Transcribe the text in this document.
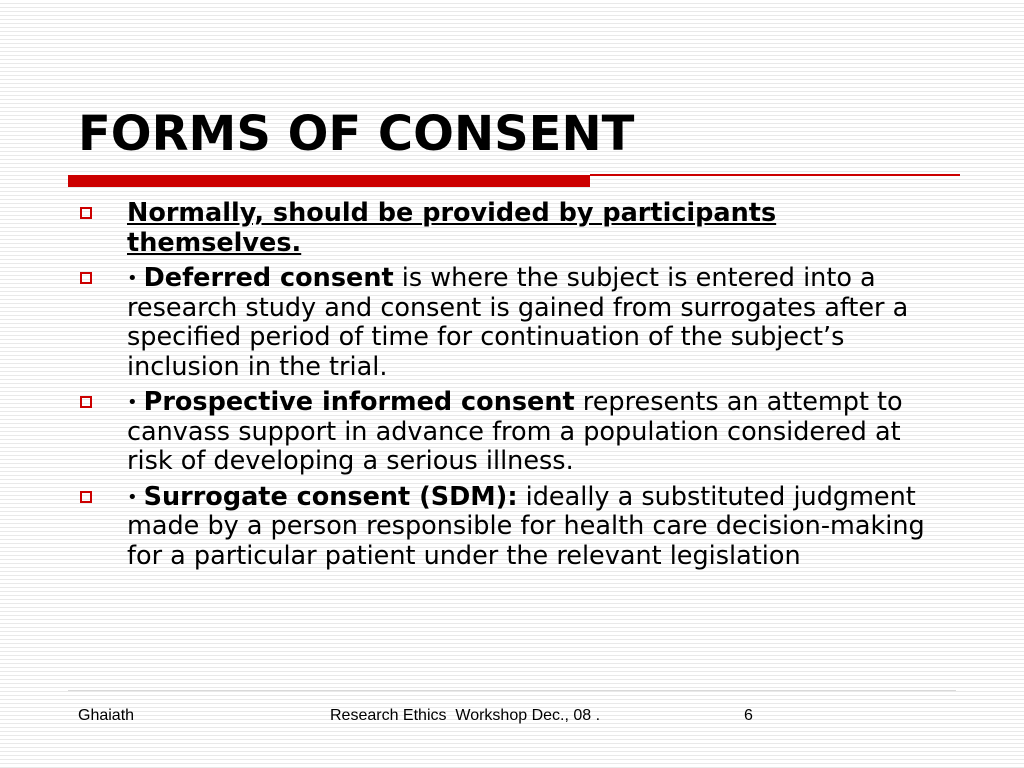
FORMS OF CONSENT
Normally, should be provided by participants themselves.
• Deferred consent is where the subject is entered into a research study and consent is gained from surrogates after a specified period of time for continuation of the subject’s inclusion in the trial.
• Prospective informed consent represents an attempt to canvass support in advance from a population considered at risk of developing a serious illness.
• Surrogate consent (SDM): ideally a substituted judgment made by a person responsible for health care decision-making for a particular patient under the relevant legislation
Ghaiath	Research Ethics  Workshop Dec., 08 .	6
